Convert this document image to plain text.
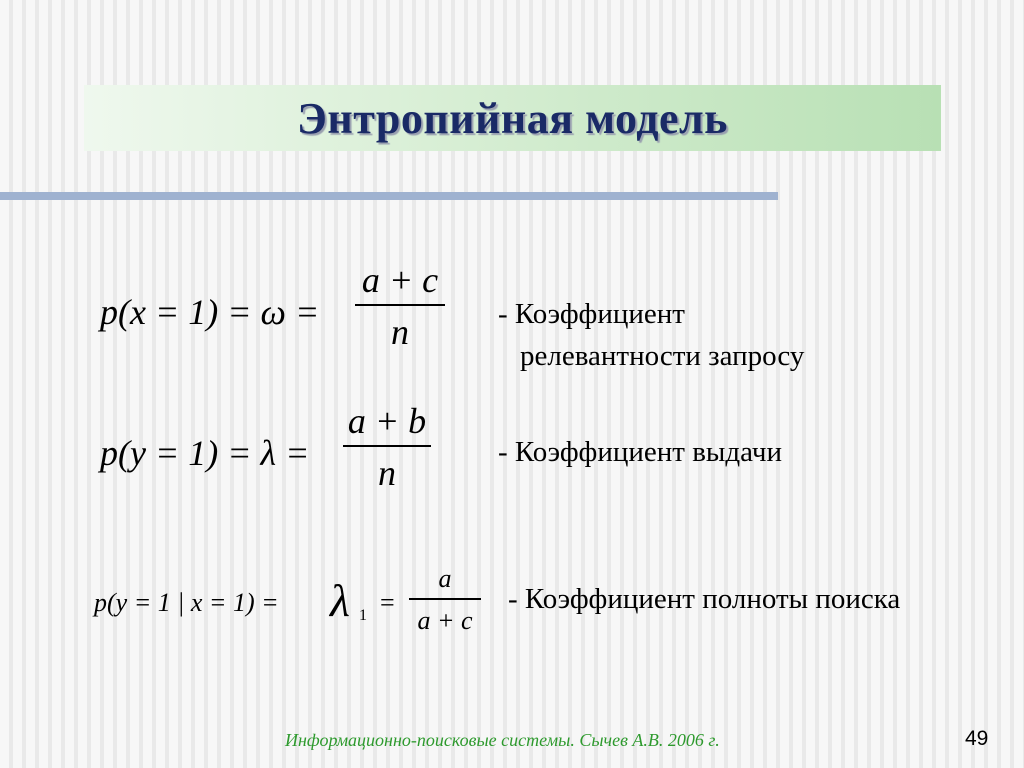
Энтропийная модель
p(x = 1) = ω =
a + c
n	- Коэффициент
релевантности запросу
p(y = 1) = λ =
a + b
n
- Коэффициент выдачи
p(y = 1 | x = 1) = λ 1 =
a
a + c
- Коэффициент полноты поиска
Информационно-поисковые системы. Сычев А.В. 2006 г.	49
